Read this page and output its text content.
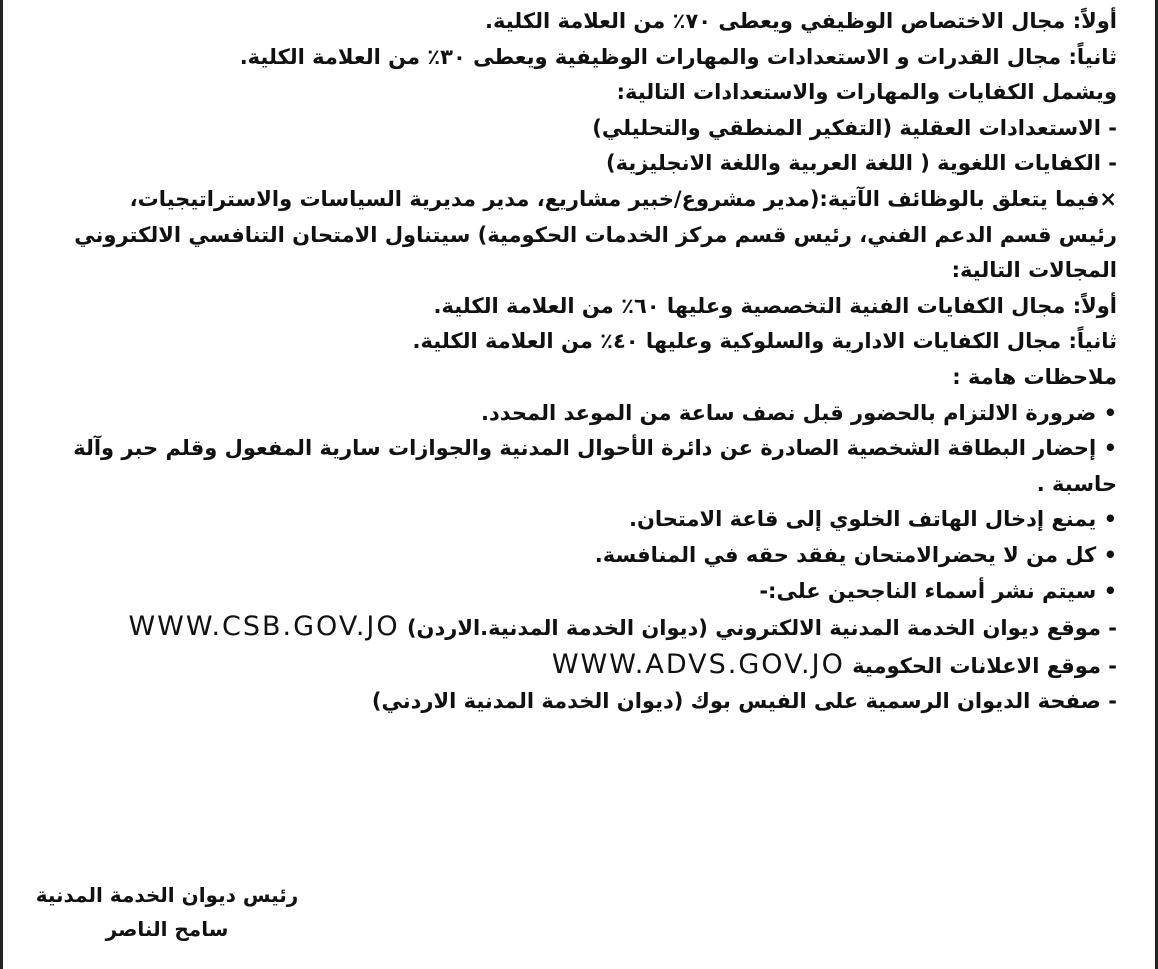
أولاً: مجال الاختصاص الوظيفي ويعطى ٧٠٪ من العلامة الكلية.
ثانياً: مجال القدرات و الاستعدادات والمهارات الوظيفية ويعطى ٣٠٪ من العلامة الكلية.
ويشمل الكفايات والمهارات والاستعدادات التالية:
- الاستعدادات العقلية (التفكير المنطقي والتحليلي)
- الكفايات اللغوية ( اللغة العربية واللغة الانجليزية)
×فيما يتعلق بالوظائف الآتية:(مدير مشروع/خبير مشاريع، مدير مديرية السياسات والاستراتيجيات،
رئيس قسم الدعم الفني، رئيس قسم مركز الخدمات الحكومية) سيتناول الامتحان التنافسي الالكتروني
المجالات التالية:
أولاً: مجال الكفايات الفنية التخصصية وعليها ٦٠٪ من العلامة الكلية.
ثانياً: مجال الكفايات الادارية والسلوكية وعليها ٤٠٪ من العلامة الكلية.
ملاحظات هامة :
• ضرورة الالتزام بالحضور قبل نصف ساعة من الموعد المحدد.
• إحضار البطاقة الشخصية الصادرة عن دائرة الأحوال المدنية والجوازات سارية المفعول وقلم حبر وآلة
حاسبة .
• يمنع إدخال الهاتف الخلوي إلى قاعة الامتحان.
• كل من لا يحضرالامتحان يفقد حقه في المنافسة.
• سيتم نشر أسماء الناجحين على:-
- موقع ديوان الخدمة المدنية الالكتروني (ديوان الخدمة المدنية.الاردن) WWW.CSB.GOV.JO
- موقع الاعلانات الحكومية WWW.ADVS.GOV.JO
- صفحة الديوان الرسمية على الفيس بوك (ديوان الخدمة المدنية الاردني)
رئيس ديوان الخدمة المدنية
سامح الناصر
